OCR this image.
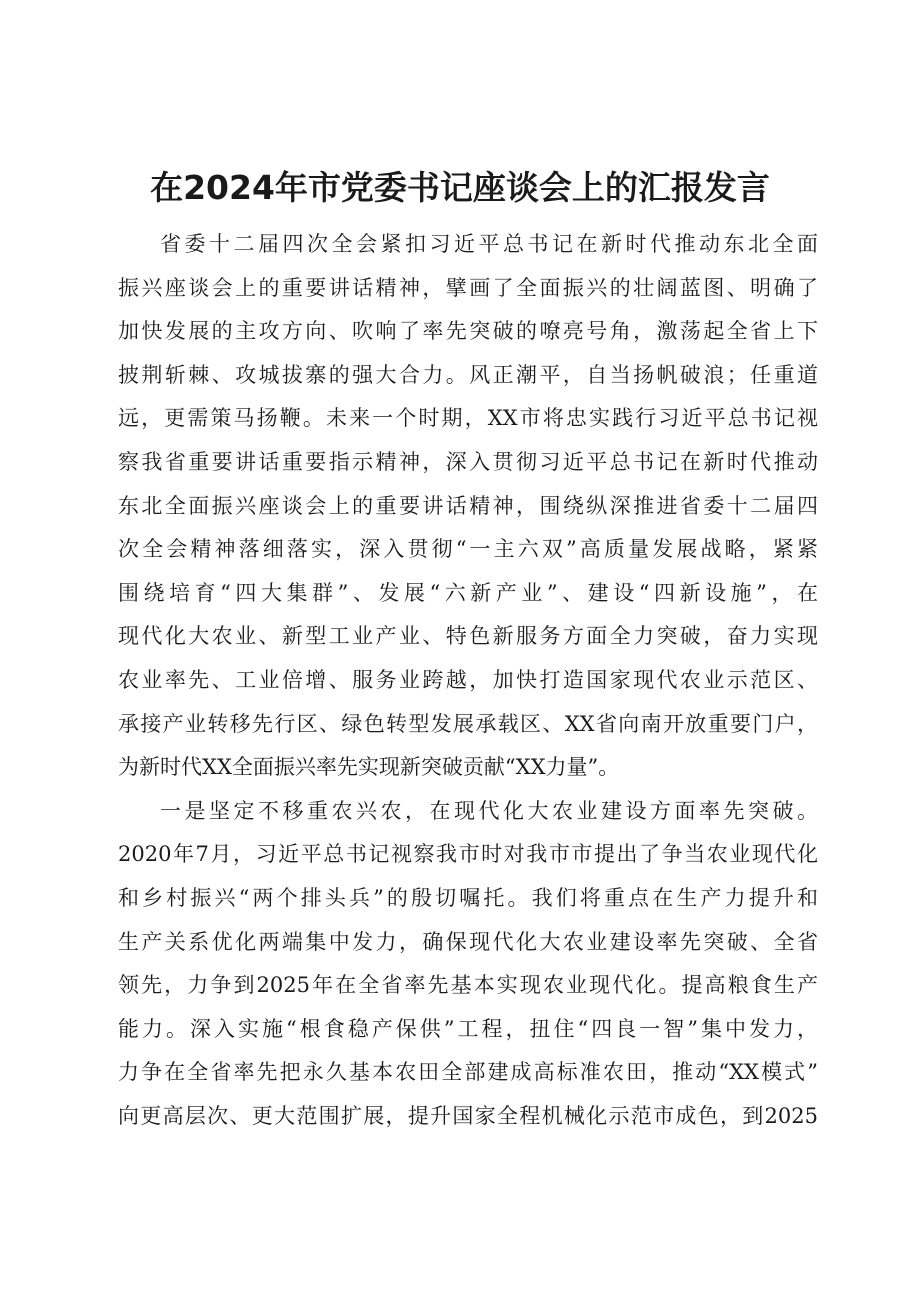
在2024年市党委书记座谈会上的汇报发言
省委十二届四次全会紧扣习近平总书记在新时代推动东北全面
振兴座谈会上的重要讲话精神，擘画了全面振兴的壮阔蓝图、明确了
加快发展的主攻方向、吹响了率先突破的嘹亮号角，激荡起全省上下
披荆斩棘、攻城拔寨的强大合力。风正潮平，自当扬帆破浪；任重道
远，更需策马扬鞭。未来一个时期，XX市将忠实践行习近平总书记视
察我省重要讲话重要指示精神，深入贯彻习近平总书记在新时代推动
东北全面振兴座谈会上的重要讲话精神，围绕纵深推进省委十二届四
次全会精神落细落实，深入贯彻“一主六双”高质量发展战略，紧紧
围绕培育“四大集群”、发展“六新产业”、建设“四新设施”，在
现代化大农业、新型工业产业、特色新服务方面全力突破，奋力实现
农业率先、工业倍增、服务业跨越，加快打造国家现代农业示范区、
承接产业转移先行区、绿色转型发展承载区、XX省向南开放重要门户，
为新时代XX全面振兴率先实现新突破贡献“XX力量”。
一是坚定不移重农兴农，在现代化大农业建设方面率先突破。
2020年7月，习近平总书记视察我市时对我市市提出了争当农业现代化
和乡村振兴“两个排头兵”的殷切嘱托。我们将重点在生产力提升和
生产关系优化两端集中发力，确保现代化大农业建设率先突破、全省
领先，力争到2025年在全省率先基本实现农业现代化。提高粮食生产
能力。深入实施“根食稳产保供”工程，扭住“四良一智”集中发力，
力争在全省率先把永久基本农田全部建成高标准农田，推动“XX模式”
向更高层次、更大范围扩展，提升国家全程机械化示范市成色，到2025
